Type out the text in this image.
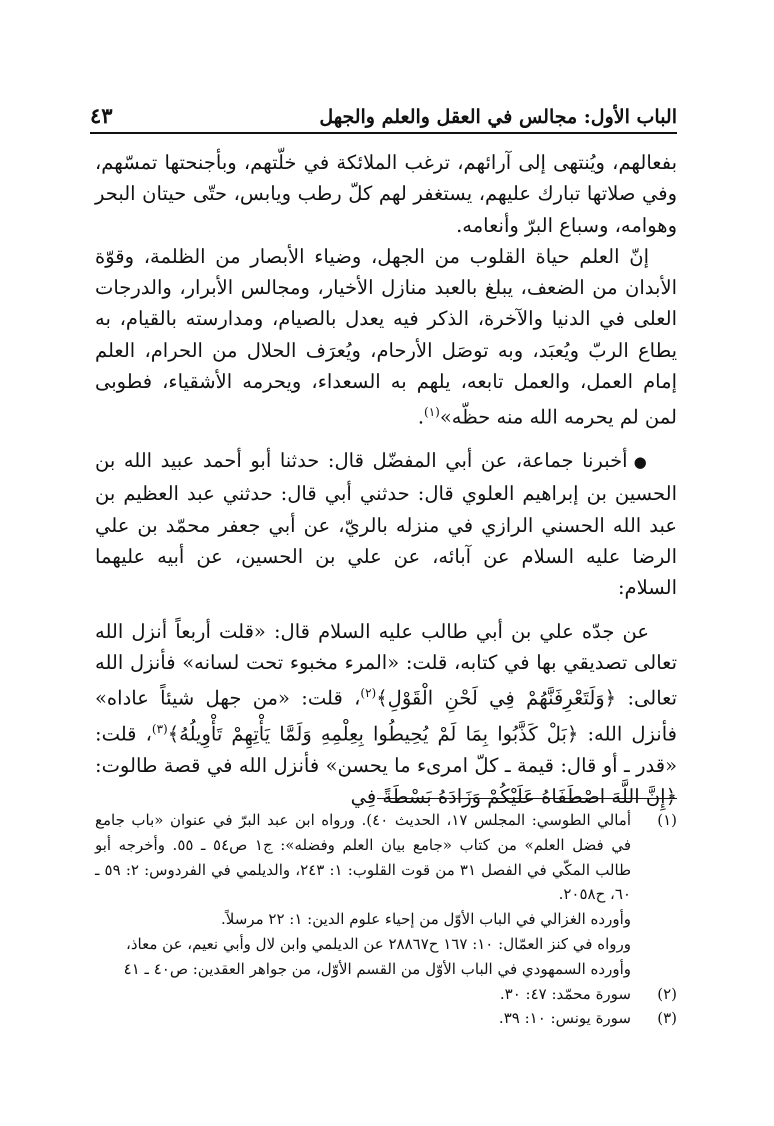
الباب الأول: مجالس في العقل والعلم والجهل
٤٣

بفعالهم، ويُنتهى إلى آرائهم، ترغب الملائكة في خلّتهم، وبأجنحتها تمسّهم، وفي صلاتها تبارك عليهم، يستغفر لهم كلّ رطب ويابس، حتّى حيتان البحر وهوامه، وسباع البرّ وأنعامه.

إنّ العلم حياة القلوب من الجهل، وضياء الأبصار من الظلمة، وقوّة الأبدان من الضعف، يبلغ بالعبد منازل الأخيار، ومجالس الأبرار، والدرجات العلى في الدنيا والآخرة، الذكر فيه يعدل بالصيام، ومدارسته بالقيام، به يطاع الربّ ويُعبَد، وبه توصَل الأرحام، ويُعرَف الحلال من الحرام، العلم إمام العمل، والعمل تابعه، يلهم به السعداء، ويحرمه الأشقياء، فطوبى لمن لم يحرمه الله منه حظّه»$^{(١)}$.

●أخبرنا جماعة، عن أبي المفضّل قال: حدثنا أبو أحمد عبيد الله بن الحسين بن إبراهيم العلوي قال: حدثني أبي قال: حدثني عبد العظيم بن عبد الله الحسني الرازي في منزله بالريّ، عن أبي جعفر محمّد بن علي الرضا عليه السلام عن آبائه، عن علي بن الحسين، عن أبيه عليهما السلام:

عن جدّه علي بن أبي طالب عليه السلام قال: «قلت أربعاً أنزل الله تعالى تصديقي بها في كتابه، قلت: «المرء مخبوء تحت لسانه» فأنزل الله تعالى: ﴿وَلَتَعْرِفَنَّهُمْ فِي لَحْنِ الْقَوْلِ﴾$^{(٢)}$، قلت: «من جهل شيئاً عاداه» فأنزل الله: ﴿بَلْ كَذَّبُوا بِمَا لَمْ يُحِيطُوا بِعِلْمِهِ وَلَمَّا يَأْتِهِمْ تَأْوِيلُهُ﴾$^{(٣)}$، قلت: «قدر ـ أو قال: قيمة ـ كلّ امرىء ما يحسن» فأنزل الله في قصة طالوت: ﴿إِنَّ اللَّهَ اصْطَفَاهُ عَلَيْكُمْ وَزَادَهُ بَسْطَةً فِي

(١)
أمالي الطوسي: المجلس ١٧، الحديث ٤٠). ورواه ابن عبد البرّ في عنوان «باب جامع في فضل العلم» من كتاب «جامع بيان العلم وفضله»: ج١ ص٥٤ ـ ٥٥. وأخرجه أبو طالب المكّي في الفصل ٣١ من قوت القلوب: ١: ٢٤٣، والديلمي في الفردوس: ٢: ٥٩ ـ ٦٠، ح٢٠٥٨.
وأورده الغزالي في الباب الأوّل من إحياء علوم الدين: ١: ٢٢ مرسلاً.
ورواه في كنز العمّال: ١٠: ١٦٧ ح٢٨٨٦٧ عن الديلمي وابن لال وأبي نعيم، عن معاذ،
وأورده السمهودي في الباب الأوّل من القسم الأوّل، من جواهر العقدين: ص٤٠ ـ ٤١
(٢)
سورة محمّد: ٤٧: ٣٠.
(٣)
سورة يونس: ١٠: ٣٩.
